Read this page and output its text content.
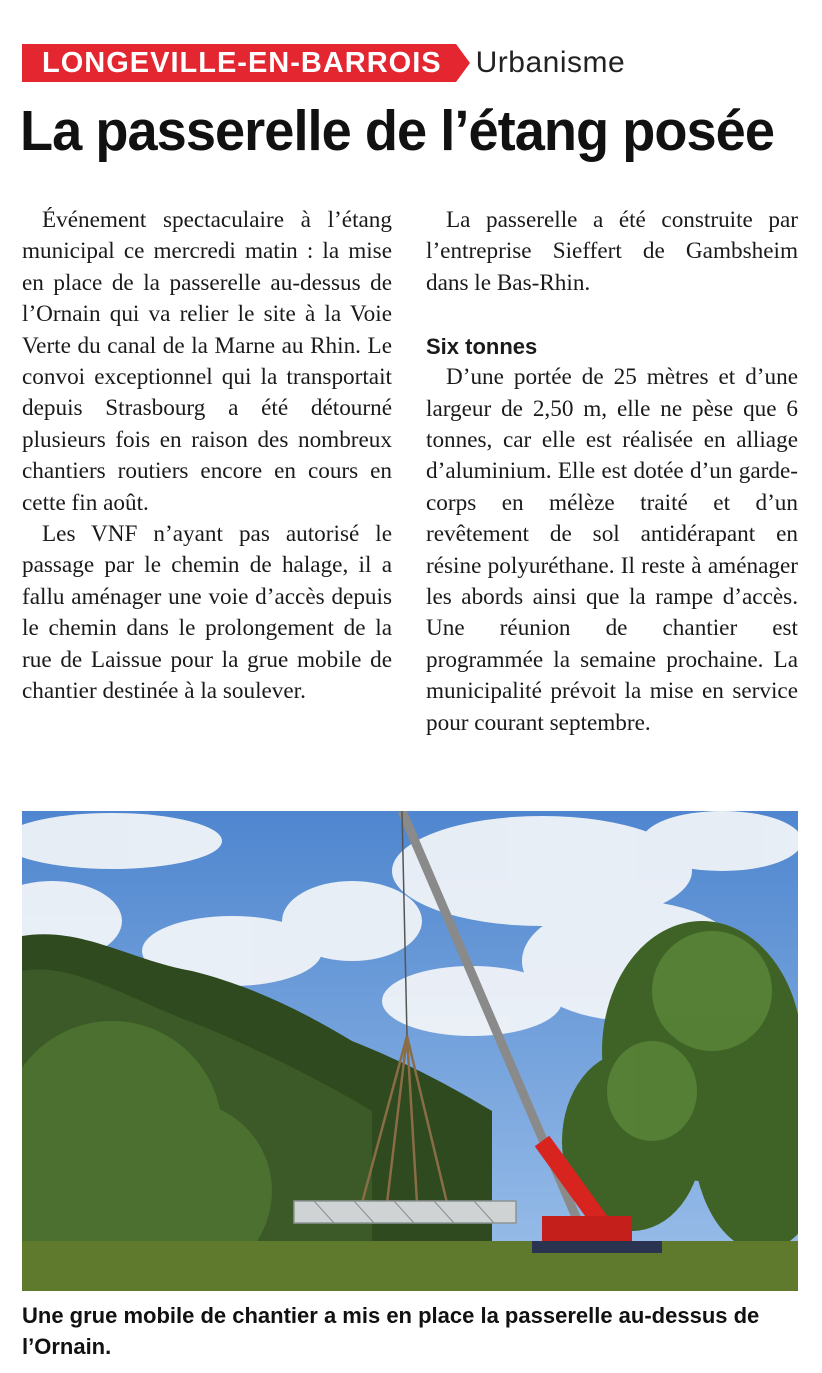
LONGEVILLE-EN-BARROIS	Urbanisme
La passerelle de l’étang posée

Événement spectaculaire à l’étang municipal ce mercredi matin : la mise en place de la passerelle au-dessus de l’Ornain qui va relier le site à la Voie Verte du canal de la Marne au Rhin. Le convoi exceptionnel qui la transportait depuis Strasbourg a été détourné plusieurs fois en raison des nombreux chantiers routiers encore en cours en cette fin août.

Les VNF n’ayant pas autorisé le passage par le chemin de halage, il a fallu aménager une voie d’accès depuis le chemin dans le prolongement de la rue de Laissue pour la grue mobile de chantier destinée à la soulever.

La passerelle a été construite par l’entreprise Sieffert de Gambsheim dans le Bas-Rhin.

Six tonnes

D’une portée de 25 mètres et d’une largeur de 2,50 m, elle ne pèse que 6 tonnes, car elle est réalisée en alliage d’aluminium. Elle est dotée d’un garde-corps en mélèze traité et d’un revêtement de sol antidérapant en résine polyuréthane. Il reste à aménager les abords ainsi que la rampe d’accès. Une réunion de chantier est programmée la semaine prochaine. La municipalité prévoit la mise en service pour courant septembre.

Une grue mobile de chantier a mis en place la passerelle au-dessus de l’Ornain.
